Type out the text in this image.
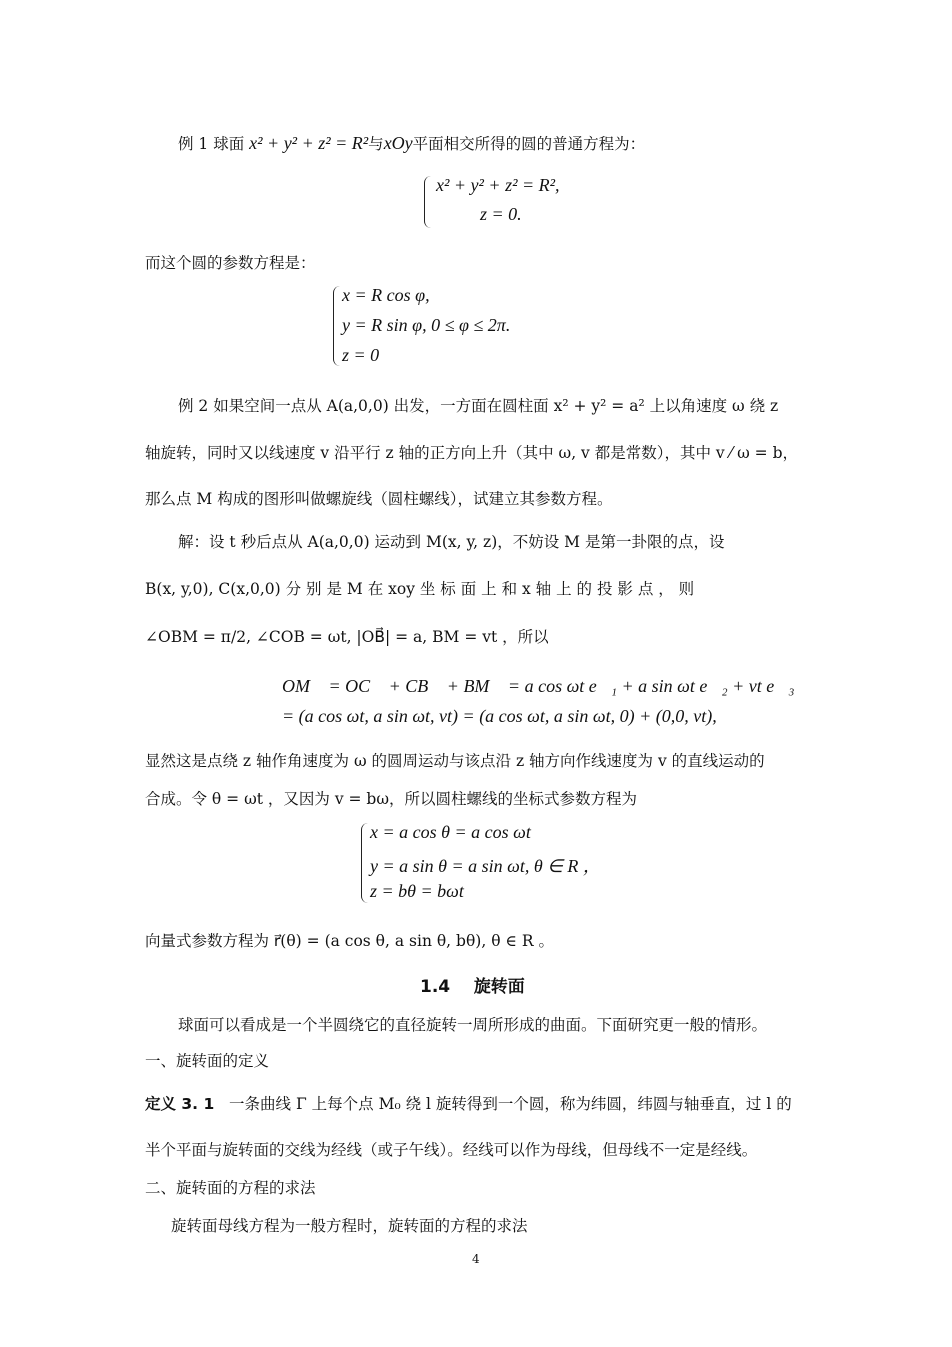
例 1 球面 x² + y² + z² = R²与xOy平面相交所得的圆的普通方程为：
x² + y² + z² = R²,
z = 0.
而这个圆的参数方程是：
x = R cos φ,
y = R sin φ, 0 ≤ φ ≤ 2π.
z = 0
例 2 如果空间一点从 A(a,0,0) 出发，一方面在圆柱面 x² + y² = a² 上以角速度 ω 绕 z
轴旋转，同时又以线速度 v 沿平行 z 轴的正方向上升（其中 ω, v 都是常数），其中 v ⁄ ω = b，
那么点 M 构成的图形叫做螺旋线（圆柱螺线），试建立其参数方程。
解：设 t 秒后点从 A(a,0,0) 运动到 M(x, y, z)，不妨设 M 是第一卦限的点，设
B(x, y,0), C(x,0,0) 分 别 是 M 在 xoy 坐 标 面 上 和 x 轴 上 的 投 影 点 ， 则
∠OBM = π/2, ∠COB = ωt, |OB⃗| = a, BM = vt ，所以
OM⃗ = OC⃗ + CB⃗ + BM⃗ = a cos ωt e⃗₁ + a sin ωt e⃗₂ + vt e⃗₃
= (a cos ωt, a sin ωt, vt) = (a cos ωt, a sin ωt, 0) + (0,0, vt),
显然这是点绕 z 轴作角速度为 ω 的圆周运动与该点沿 z 轴方向作线速度为 v 的直线运动的
合成。令 θ = ωt ，又因为 v = bω，所以圆柱螺线的坐标式参数方程为
x = a cos θ = a cos ωt
y = a sin θ = a sin ωt, θ ∈ R ，
z = bθ = bωt
向量式参数方程为 r⃗(θ) = (a cos θ, a sin θ, bθ), θ ∈ R 。
1.4 旋转面
球面可以看成是一个半圆绕它的直径旋转一周所形成的曲面。下面研究更一般的情形。
一、旋转面的定义
定义 3. 1 一条曲线 Γ 上每个点 M₀ 绕 l 旋转得到一个圆，称为纬圆，纬圆与轴垂直，过 l 的
半个平面与旋转面的交线为经线（或子午线）。经线可以作为母线，但母线不一定是经线。
二、旋转面的方程的求法
旋转面母线方程为一般方程时，旋转面的方程的求法
4
